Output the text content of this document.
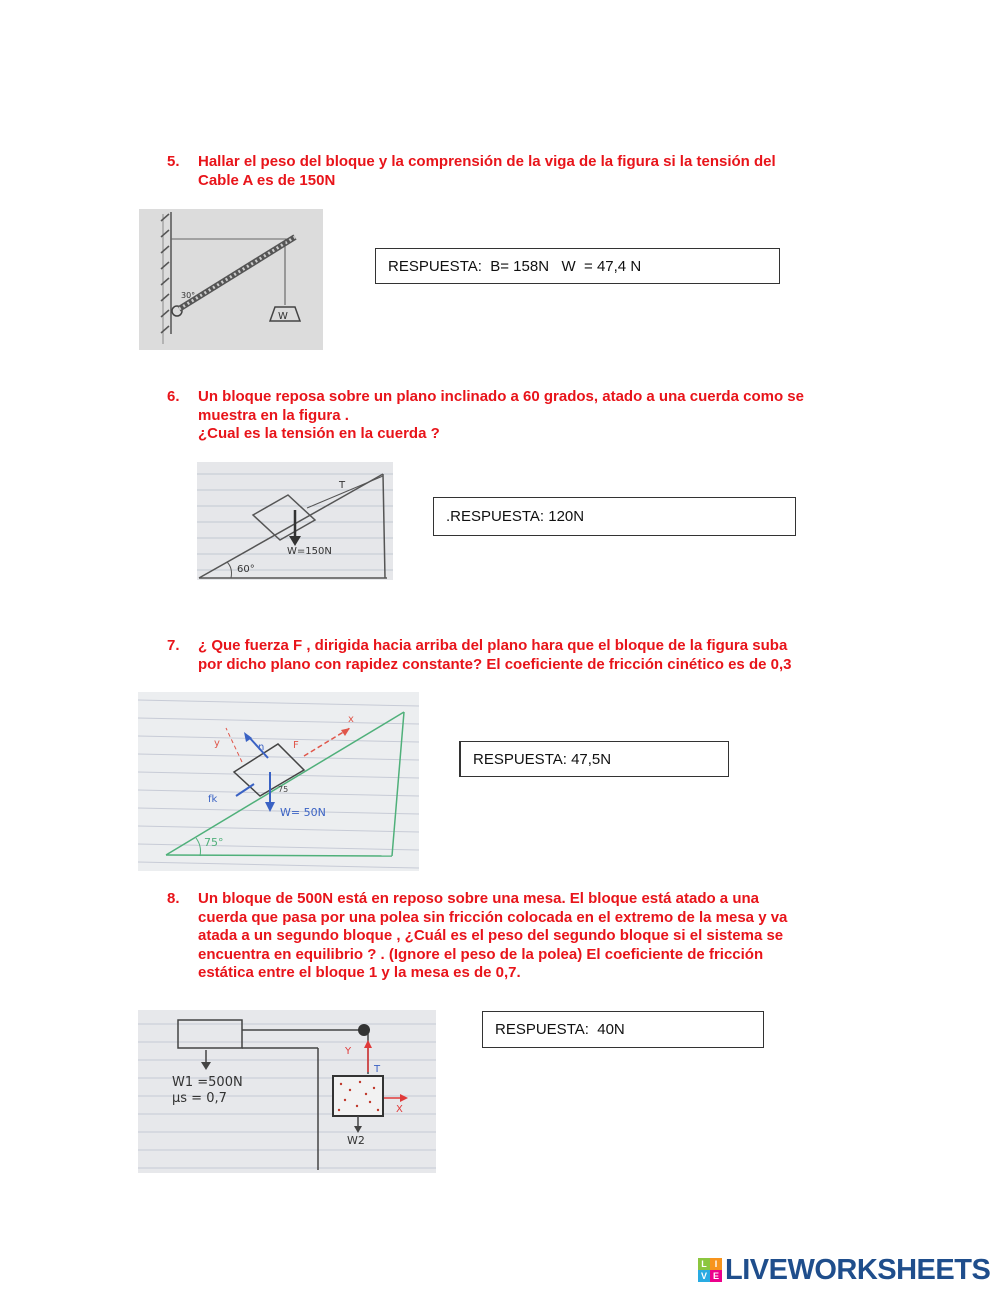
5. Hallar el peso del bloque y la comprensión de la viga de la figura si la tensión del
Cable A es de 150N
W
30°
RESPUESTA:  B= 158N   W  = 47,4 N
6. Un bloque reposa sobre un plano inclinado a 60 grados, atado a una cuerda como se
muestra en la figura .
¿Cual es la tensión en la cuerda ?
T
W=150N
60°
.RESPUESTA: 120N
7. ¿ Que fuerza F , dirigida hacia arriba del plano hara que el bloque de la figura suba
por dicho plano con rapidez constante? El coeficiente de fricción cinético es de 0,3
F
x
n
y
fk
75
W= 50N
75°
RESPUESTA: 47,5N
8. Un bloque de 500N está en reposo sobre una mesa. El bloque está atado a una
cuerda que pasa por una polea sin fricción colocada en el extremo de la mesa y va
atada a un segundo bloque , ¿Cuál es el peso del segundo bloque si el sistema se
encuentra en equilibrio ? . (Ignore el peso de la polea) El coeficiente de fricción
estática entre el bloque 1 y la mesa es de 0,7.
W1 =500N
μs = 0,7
Y
T
X
W2
RESPUESTA:  40N
L I
V E LIVEWORKSHEETS
